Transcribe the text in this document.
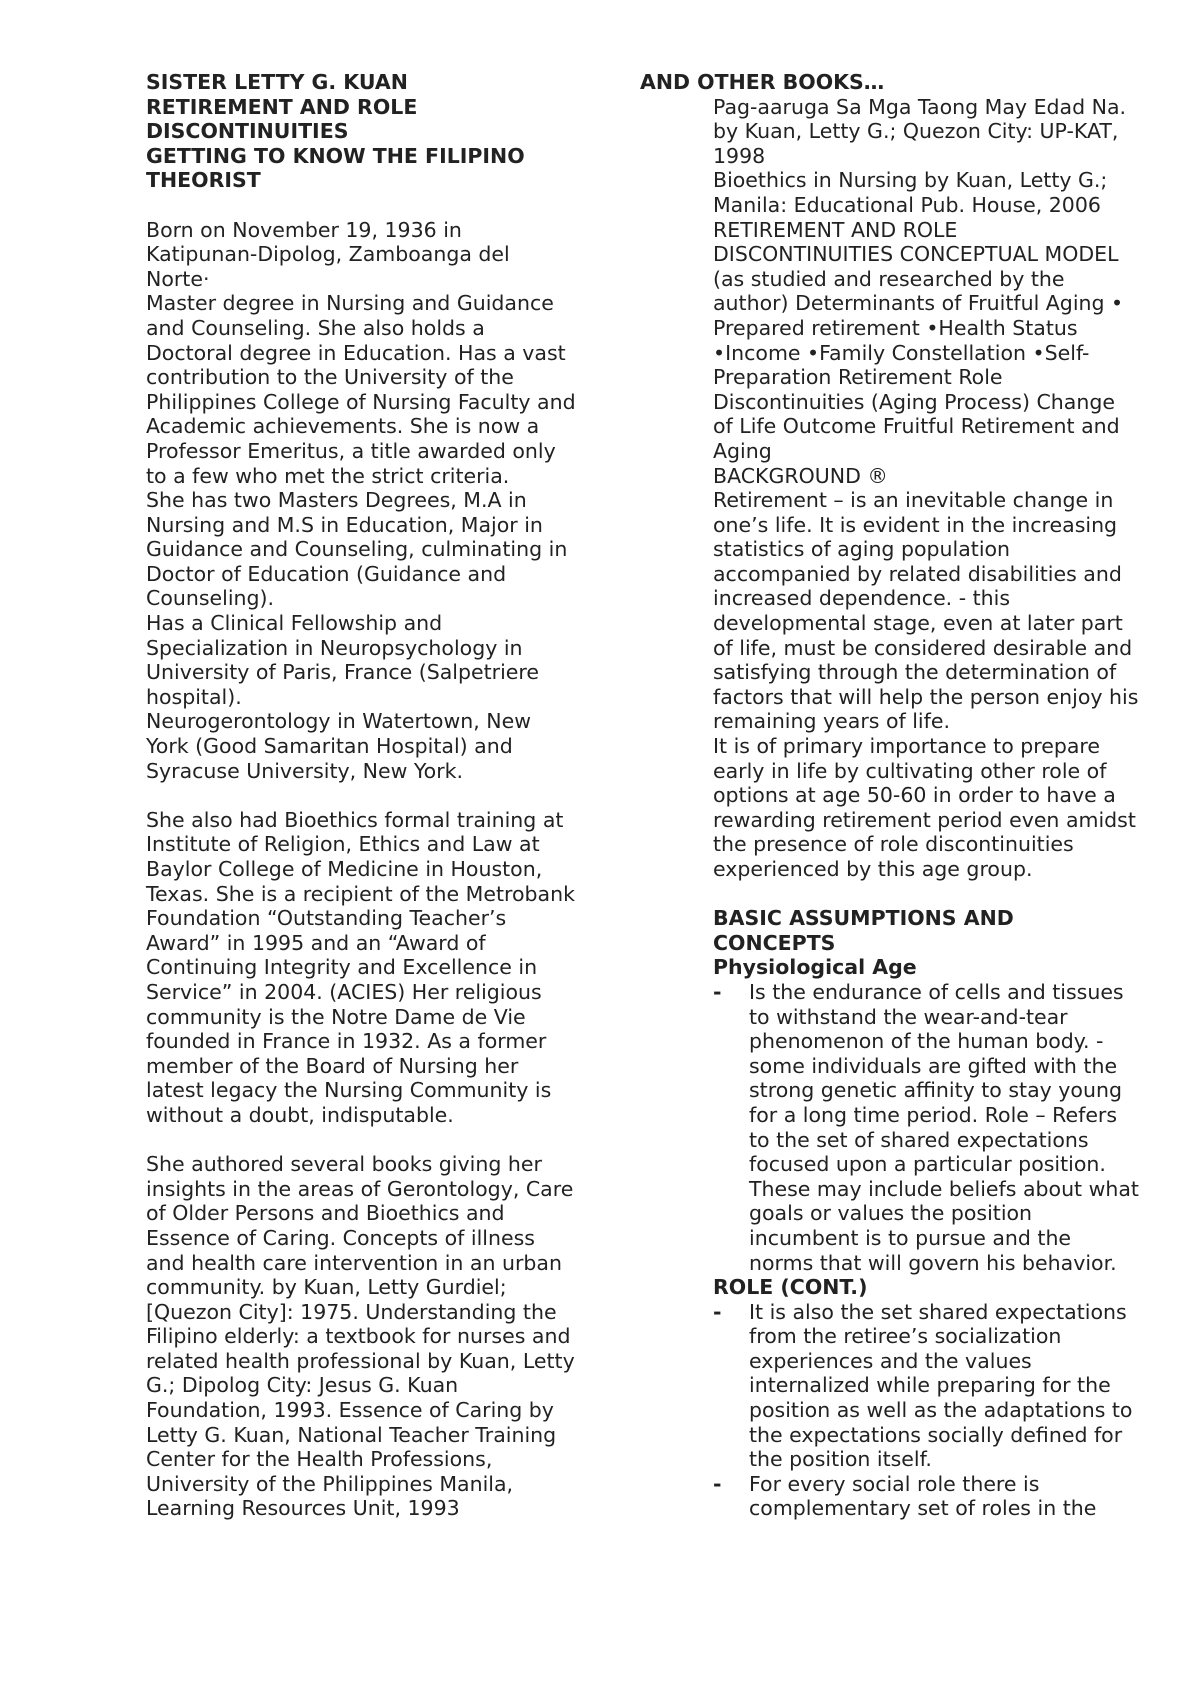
SISTER LETTY G. KUAN
RETIREMENT AND ROLE
DISCONTINUITIES
GETTING TO KNOW THE FILIPINO
THEORIST

Born on November 19, 1936 in Katipunan-Dipolog, Zamboanga del Norte·

Master degree in Nursing and Guidance and Counseling. She also holds a Doctoral degree in Education. Has a vast contribution to the University of the Philippines College of Nursing Faculty and Academic achievements. She is now a Professor Emeritus, a title awarded only to a few who met the strict criteria.

She has two Masters Degrees, M.A in Nursing and M.S in Education, Major in Guidance and Counseling, culminating in Doctor of Education (Guidance and Counseling).

Has a Clinical Fellowship and Specialization in Neuropsychology in University of Paris, France (Salpetriere hospital).

Neurogerontology in Watertown, New York (Good Samaritan Hospital) and Syracuse University, New York.

She also had Bioethics formal training at Institute of Religion, Ethics and Law at Baylor College of Medicine in Houston, Texas. She is a recipient of the Metrobank Foundation “Outstanding Teacher’s Award” in 1995 and an “Award of Continuing Integrity and Excellence in Service” in 2004. (ACIES) Her religious community is the Notre Dame de Vie founded in France in 1932. As a former member of the Board of Nursing her latest legacy the Nursing Community is without a doubt, indisputable.

She authored several books giving her insights in the areas of Gerontology, Care of Older Persons and Bioethics and Essence of Caring. Concepts of illness and health care intervention in an urban community. by Kuan, Letty Gurdiel; [Quezon City]: 1975. Understanding the Filipino elderly: a textbook for nurses and related health professional by Kuan, Letty G.; Dipolog City: Jesus G. Kuan Foundation, 1993. Essence of Caring by Letty G. Kuan, National Teacher Training Center for the Health Professions, University of the Philippines Manila, Learning Resources Unit, 1993

AND OTHER BOOKS…

Pag-aaruga Sa Mga Taong May Edad Na. by Kuan, Letty G.; Quezon City: UP-KAT, 1998

Bioethics in Nursing by Kuan, Letty G.; Manila: Educational Pub. House, 2006

RETIREMENT AND ROLE DISCONTINUITIES CONCEPTUAL MODEL (as studied and researched by the author) Determinants of Fruitful Aging • Prepared retirement •Health Status •Income •Family Constellation •Self- Preparation Retirement Role Discontinuities (Aging Process) Change of Life Outcome Fruitful Retirement and Aging

BACKGROUND ®

Retirement – is an inevitable change in one’s life. It is evident in the increasing statistics of aging population accompanied by related disabilities and increased dependence. - this developmental stage, even at later part of life, must be considered desirable and satisfying through the determination of factors that will help the person enjoy his remaining years of life.

It is of primary importance to prepare early in life by cultivating other role of options at age 50-60 in order to have a rewarding retirement period even amidst the presence of role discontinuities experienced by this age group.

BASIC ASSUMPTIONS AND CONCEPTS
Physiological Age
- Is the endurance of cells and tissues to withstand the wear-and-tear phenomenon of the human body. -some individuals are gifted with the strong genetic affinity to stay young for a long time period. Role – Refers to the set of shared expectations focused upon a particular position. These may include beliefs about what goals or values the position incumbent is to pursue and the norms that will govern his behavior.
ROLE (CONT.)
- It is also the set shared expectations from the retiree’s socialization experiences and the values internalized while preparing for the position as well as the adaptations to the expectations socially defined for the position itself.
- For every social role there is complementary set of roles in the
